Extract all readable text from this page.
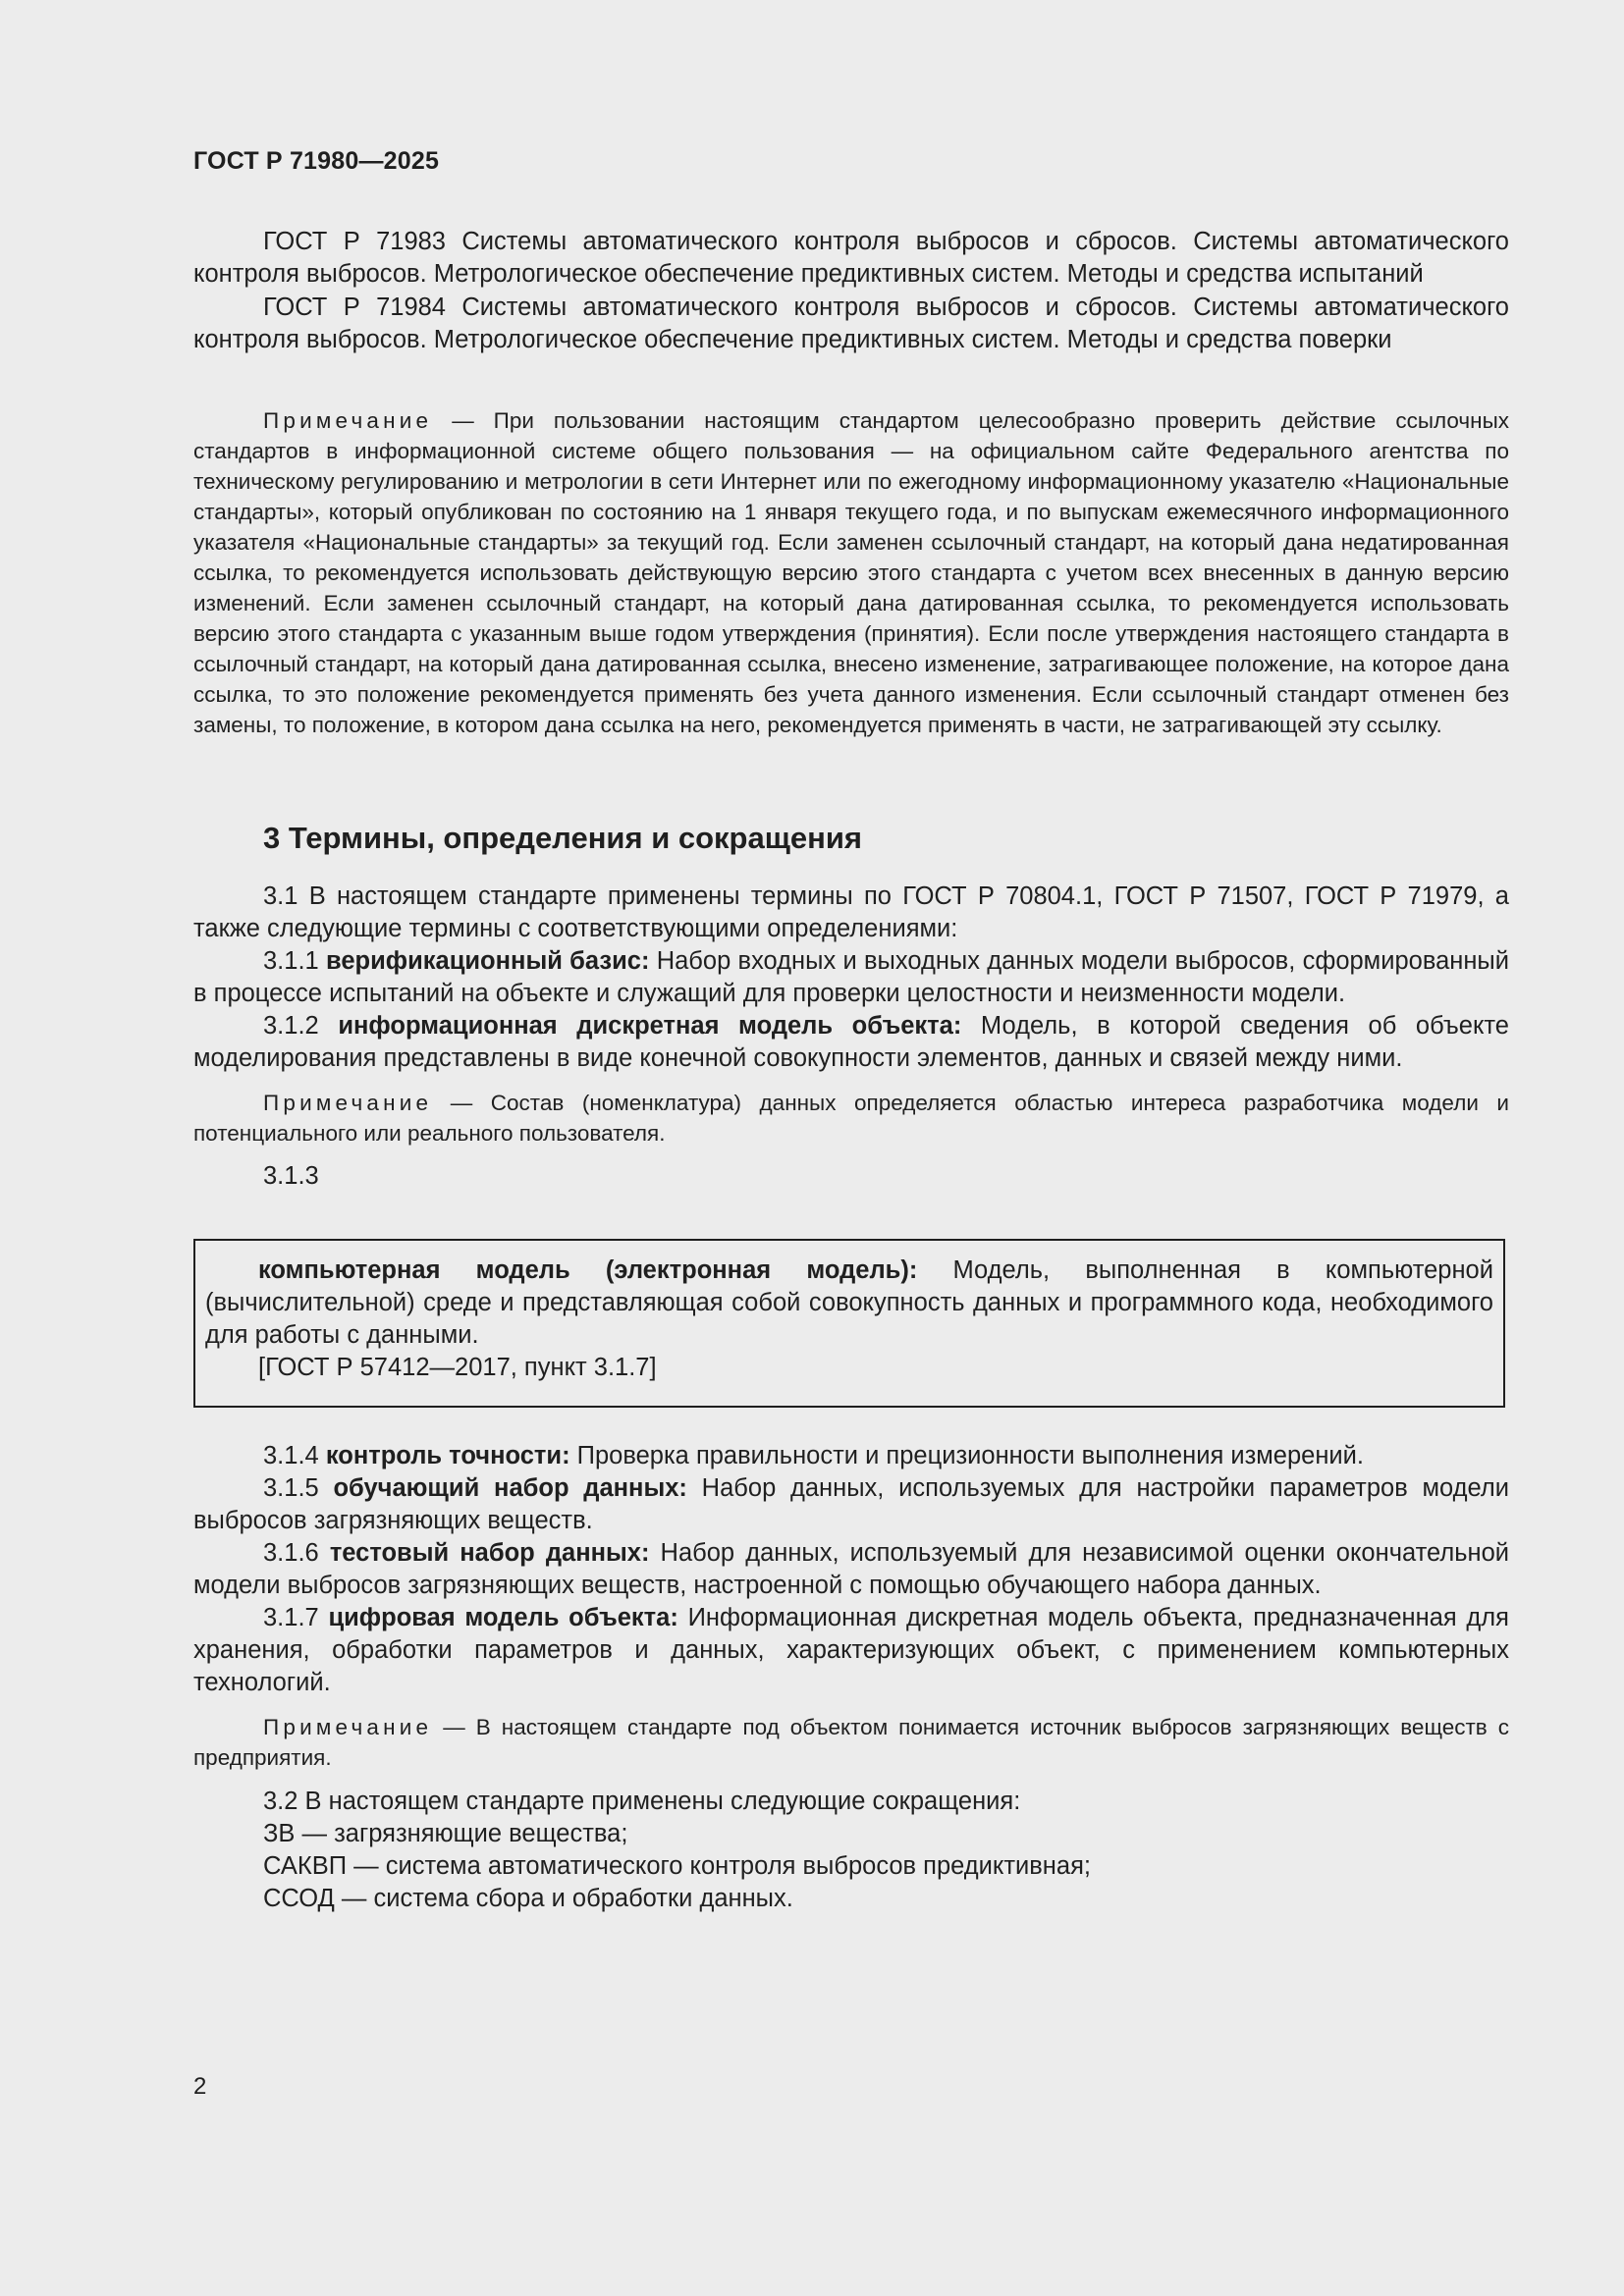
ГОСТ Р 71980—2025

ГОСТ Р 71983 Системы автоматического контроля выбросов и сбросов. Системы автоматического контроля выбросов. Метрологическое обеспечение предиктивных систем. Методы и средства испытаний

ГОСТ Р 71984 Системы автоматического контроля выбросов и сбросов. Системы автоматического контроля выбросов. Метрологическое обеспечение предиктивных систем. Методы и средства поверки

Примечание — При пользовании настоящим стандартом целесообразно проверить действие ссылочных стандартов в информационной системе общего пользования — на официальном сайте Федерального агентства по техническому регулированию и метрологии в сети Интернет или по ежегодному информационному указателю «Национальные стандарты», который опубликован по состоянию на 1 января текущего года, и по выпускам ежемесячного информационного указателя «Национальные стандарты» за текущий год. Если заменен ссылочный стандарт, на который дана недатированная ссылка, то рекомендуется использовать действующую версию этого стандарта с учетом всех внесенных в данную версию изменений. Если заменен ссылочный стандарт, на который дана датированная ссылка, то рекомендуется использовать версию этого стандарта с указанным выше годом утверждения (принятия). Если после утверждения настоящего стандарта в ссылочный стандарт, на который дана датированная ссылка, внесено изменение, затрагивающее положение, на которое дана ссылка, то это положение рекомендуется применять без учета данного изменения. Если ссылочный стандарт отменен без замены, то положение, в котором дана ссылка на него, рекомендуется применять в части, не затрагивающей эту ссылку.

3 Термины, определения и сокращения

3.1 В настоящем стандарте применены термины по ГОСТ Р 70804.1, ГОСТ Р 71507, ГОСТ Р 71979, а также следующие термины с соответствующими определениями:

3.1.1 верификационный базис: Набор входных и выходных данных модели выбросов, сформированный в процессе испытаний на объекте и служащий для проверки целостности и неизменности модели.

3.1.2 информационная дискретная модель объекта: Модель, в которой сведения об объекте моделирования представлены в виде конечной совокупности элементов, данных и связей между ними.

Примечание — Состав (номенклатура) данных определяется областью интереса разработчика модели и потенциального или реального пользователя.

3.1.3

компьютерная модель (электронная модель): Модель, выполненная в компьютерной (вычислительной) среде и представляющая собой совокупность данных и программного кода, необходимого для работы с данными.

[ГОСТ Р 57412—2017, пункт 3.1.7]

3.1.4 контроль точности: Проверка правильности и прецизионности выполнения измерений.

3.1.5 обучающий набор данных: Набор данных, используемых для настройки параметров модели выбросов загрязняющих веществ.

3.1.6 тестовый набор данных: Набор данных, используемый для независимой оценки окончательной модели выбросов загрязняющих веществ, настроенной с помощью обучающего набора данных.

3.1.7 цифровая модель объекта: Информационная дискретная модель объекта, предназначенная для хранения, обработки параметров и данных, характеризующих объект, с применением компьютерных технологий.

Примечание — В настоящем стандарте под объектом понимается источник выбросов загрязняющих веществ с предприятия.

3.2 В настоящем стандарте применены следующие сокращения:

ЗВ — загрязняющие вещества;

САКВП — система автоматического контроля выбросов предиктивная;

ССОД — система сбора и обработки данных.

2
